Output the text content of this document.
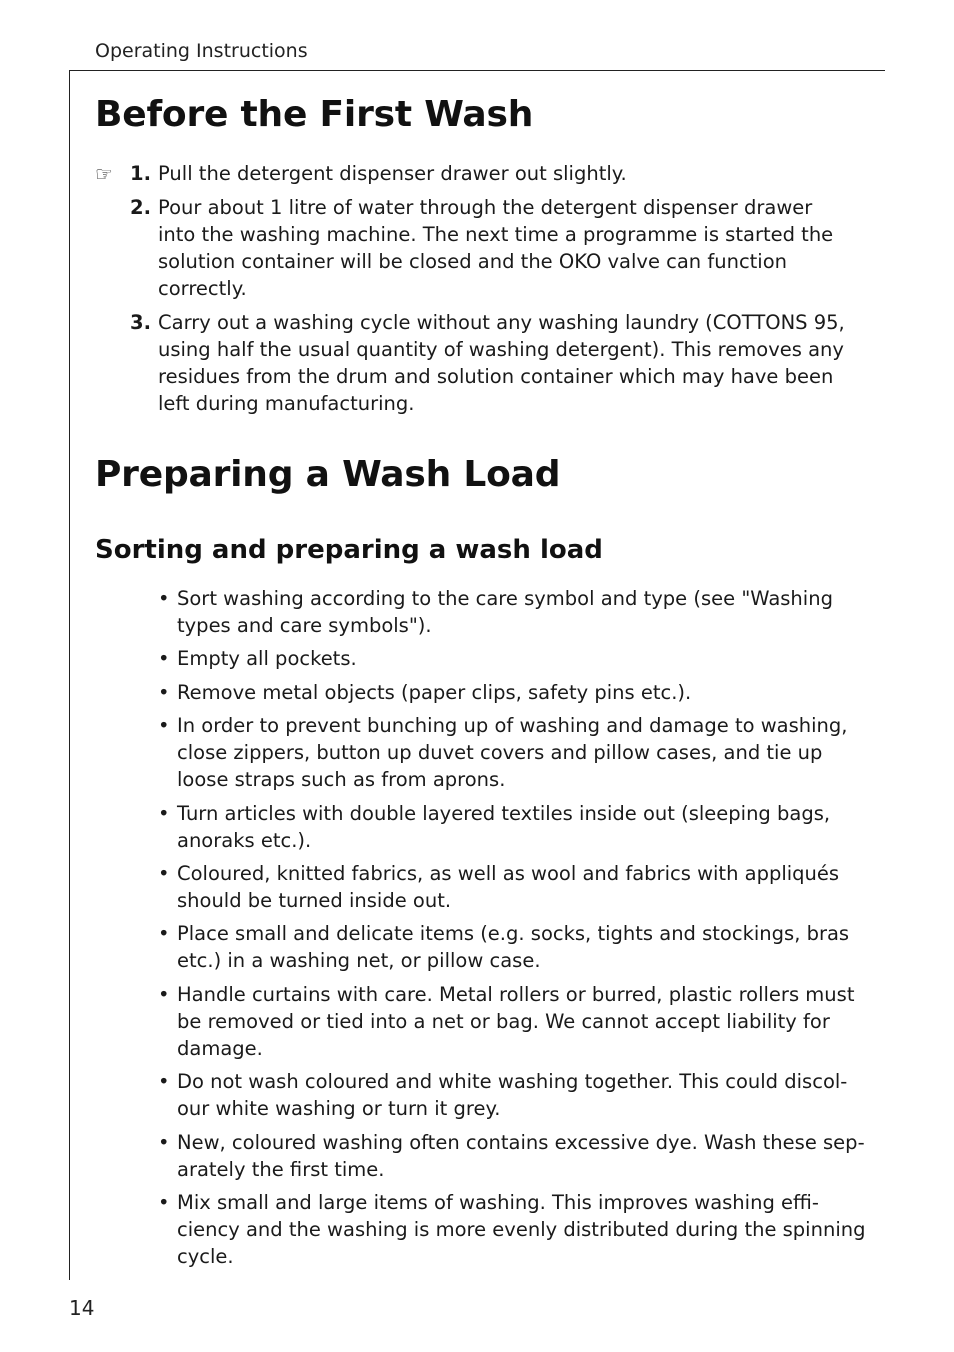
Operating Instructions
Before the First Wash
☞ 1. Pull the detergent dispenser drawer out slightly.
2. Pour about 1 litre of water through the detergent dispenser drawer into the washing machine. The next time a programme is started the solution container will be closed and the OKO valve can function correctly.
3. Carry out a washing cycle without any washing laundry (COTTONS 95, using half the usual quantity of washing detergent). This removes any residues from the drum and solution container which may have been left during manufacturing.
Preparing a Wash Load
Sorting and preparing a wash load
• Sort washing according to the care symbol and type (see "Washing types and care symbols").
• Empty all pockets.
• Remove metal objects (paper clips, safety pins etc.).
• In order to prevent bunching up of washing and damage to washing, close zippers, button up duvet covers and pillow cases, and tie up loose straps such as from aprons.
• Turn articles with double layered textiles inside out (sleeping bags, anoraks etc.).
• Coloured, knitted fabrics, as well as wool and fabrics with appliqués should be turned inside out.
• Place small and delicate items (e.g. socks, tights and stockings, bras etc.) in a washing net, or pillow case.
• Handle curtains with care. Metal rollers or burred, plastic rollers must be removed or tied into a net or bag. We cannot accept liability for damage.
• Do not wash coloured and white washing together. This could discolour white washing or turn it grey.
• New, coloured washing often contains excessive dye. Wash these separately the first time.
• Mix small and large items of washing. This improves washing efficiency and the washing is more evenly distributed during the spinning cycle.
14
